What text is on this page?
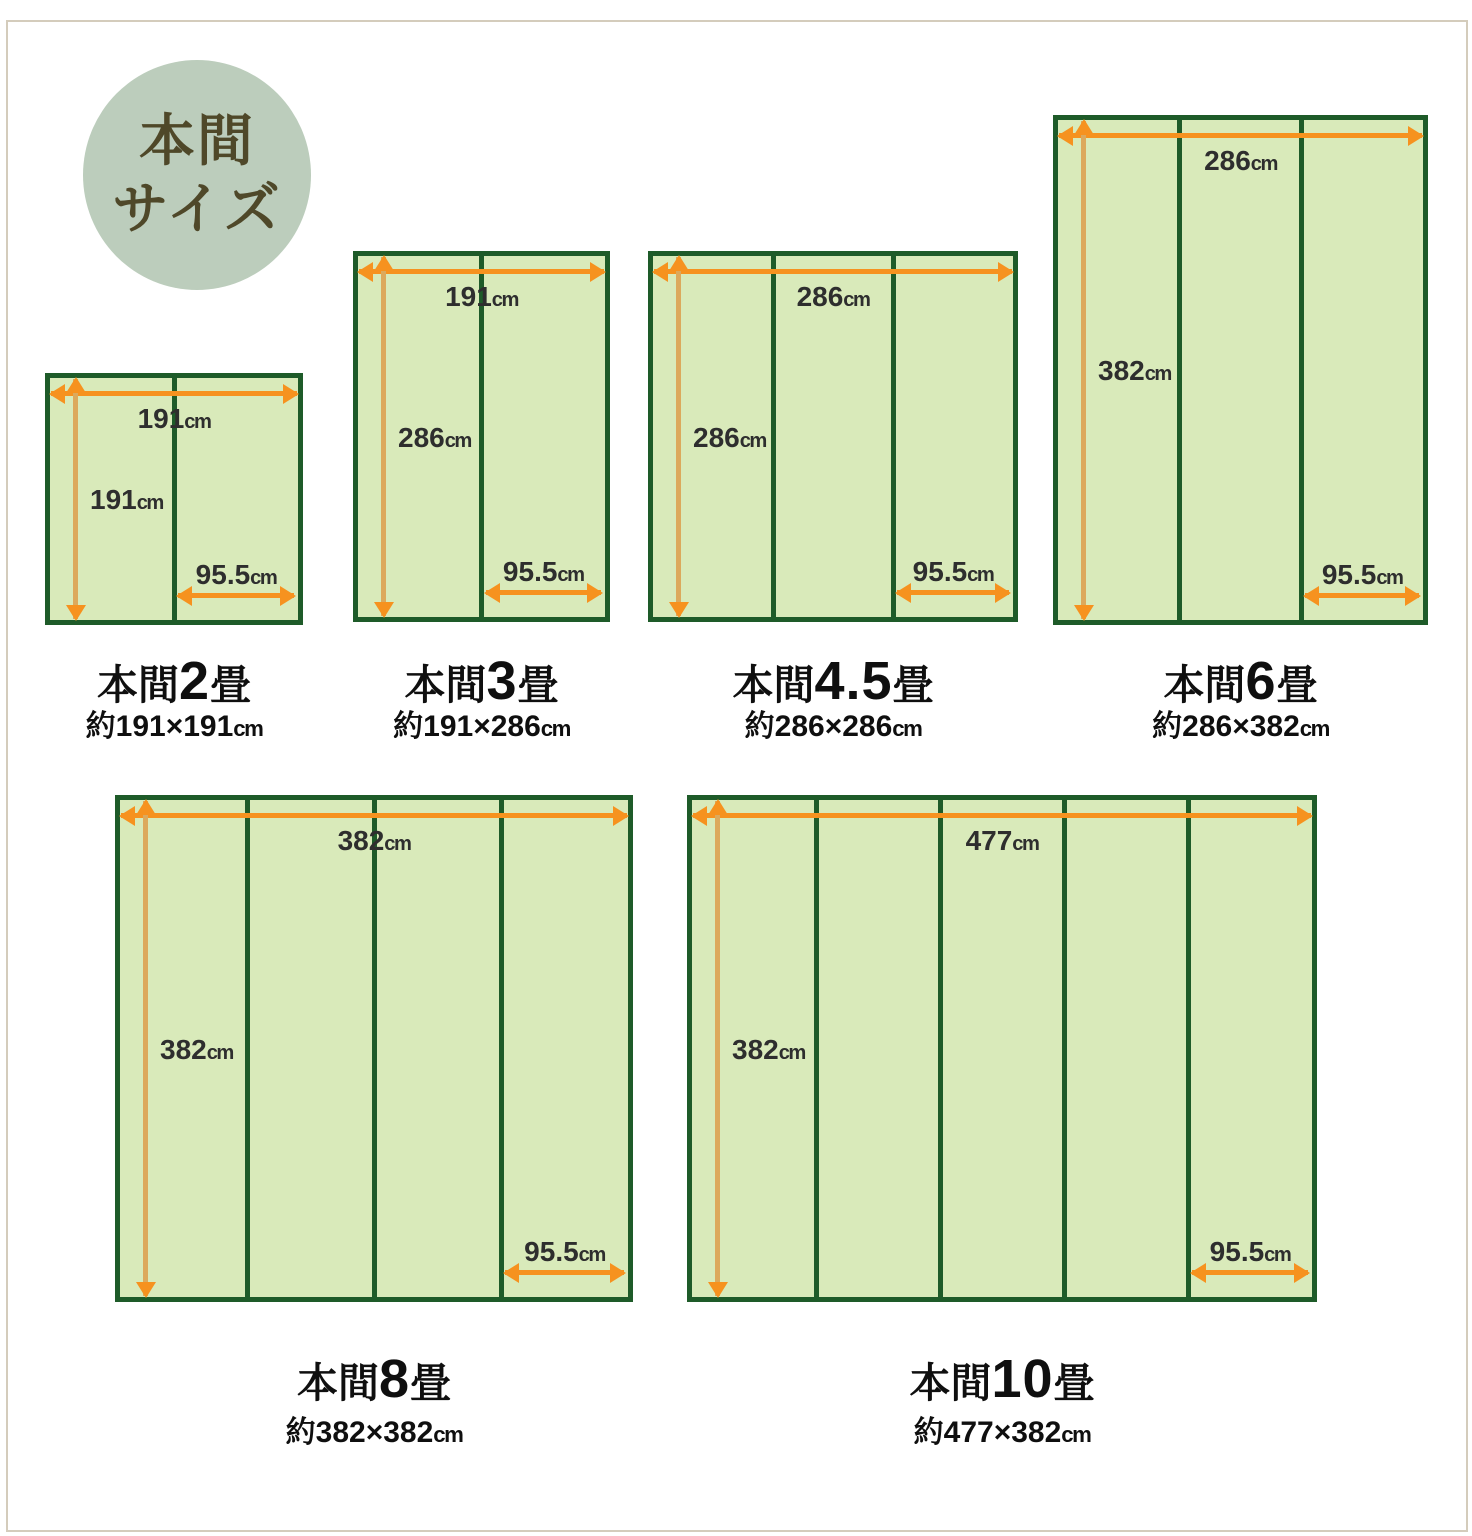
本間
サイズ
191cm
191cm
95.5cm
本間 2 畳
約191×191cm
191cm
286cm
95.5cm
本間 3 畳
約191×286cm
286cm
286cm
95.5cm
本間 4.5 畳
約286×286cm
286cm
382cm
95.5cm
本間 6 畳
約286×382cm
382cm
382cm
95.5cm
本間 8 畳
約382×382cm
477cm
382cm
95.5cm
本間 10 畳
約477×382cm
